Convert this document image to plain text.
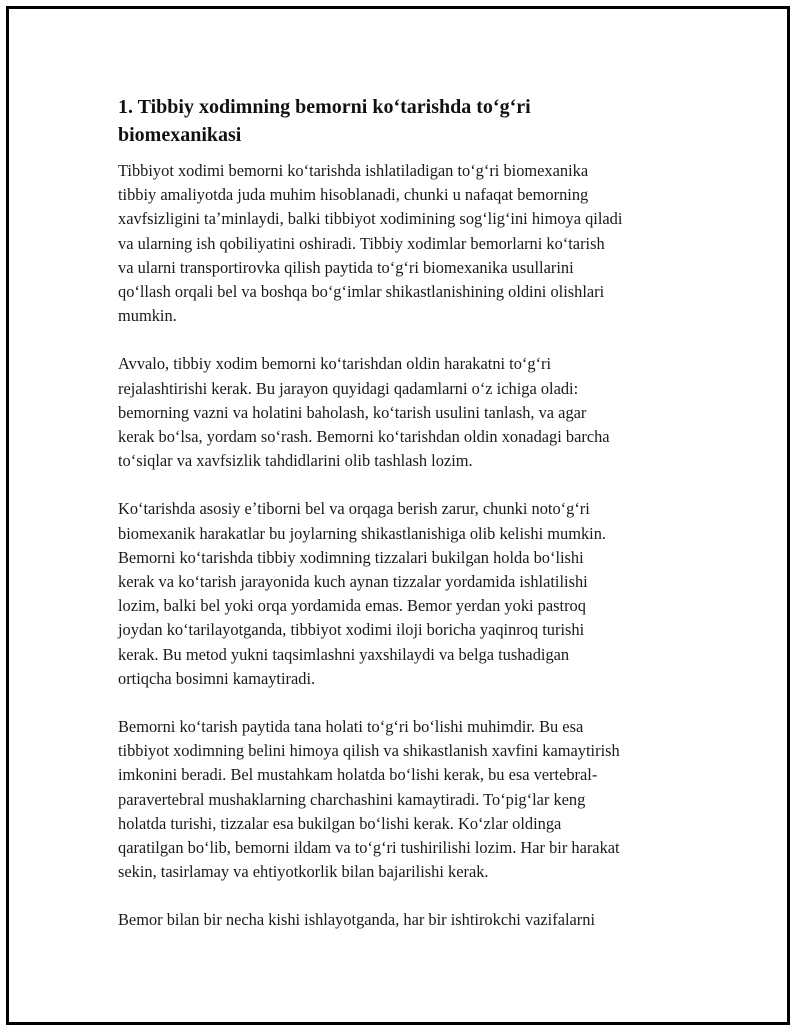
1. Tibbiy xodimning bemorni koʻtarishda toʻgʻri
biomexanikasi

Tibbiyot xodimi bemorni koʻtarishda ishlatiladigan toʻgʻri biomexanika
tibbiy amaliyotda juda muhim hisoblanadi, chunki u nafaqat bemorning
xavfsizligini taʼminlaydi, balki tibbiyot xodimining sogʻligʻini himoya qiladi
va ularning ish qobiliyatini oshiradi. Tibbiy xodimlar bemorlarni koʻtarish
va ularni transportirovka qilish paytida toʻgʻri biomexanika usullarini
qoʻllash orqali bel va boshqa boʻgʻimlar shikastlanishining oldini olishlari
mumkin.

Avvalo, tibbiy xodim bemorni koʻtarishdan oldin harakatni toʻgʻri
rejalashtirishi kerak. Bu jarayon quyidagi qadamlarni oʻz ichiga oladi:
bemorning vazni va holatini baholash, koʻtarish usulini tanlash, va agar
kerak boʻlsa, yordam soʻrash. Bemorni koʻtarishdan oldin xonadagi barcha
toʻsiqlar va xavfsizlik tahdidlarini olib tashlash lozim.

Koʻtarishda asosiy eʼtiborni bel va orqaga berish zarur, chunki notoʻgʻri
biomexanik harakatlar bu joylarning shikastlanishiga olib kelishi mumkin.
Bemorni koʻtarishda tibbiy xodimning tizzalari bukilgan holda boʻlishi
kerak va koʻtarish jarayonida kuch aynan tizzalar yordamida ishlatilishi
lozim, balki bel yoki orqa yordamida emas. Bemor yerdan yoki pastroq
joydan koʻtarilayotganda, tibbiyot xodimi iloji boricha yaqinroq turishi
kerak. Bu metod yukni taqsimlashni yaxshilaydi va belga tushadigan
ortiqcha bosimni kamaytiradi.

Bemorni koʻtarish paytida tana holati toʻgʻri boʻlishi muhimdir. Bu esa
tibbiyot xodimning belini himoya qilish va shikastlanish xavfini kamaytirish
imkonini beradi. Bel mustahkam holatda boʻlishi kerak, bu esa vertebral-
paravertebral mushaklarning charchashini kamaytiradi. Toʻpigʻlar keng
holatda turishi, tizzalar esa bukilgan boʻlishi kerak. Koʻzlar oldinga
qaratilgan boʻlib, bemorni ildam va toʻgʻri tushirilishi lozim. Har bir harakat
sekin, tasirlamay va ehtiyotkorlik bilan bajarilishi kerak.

Bemor bilan bir necha kishi ishlayotganda, har bir ishtirokchi vazifalarni
